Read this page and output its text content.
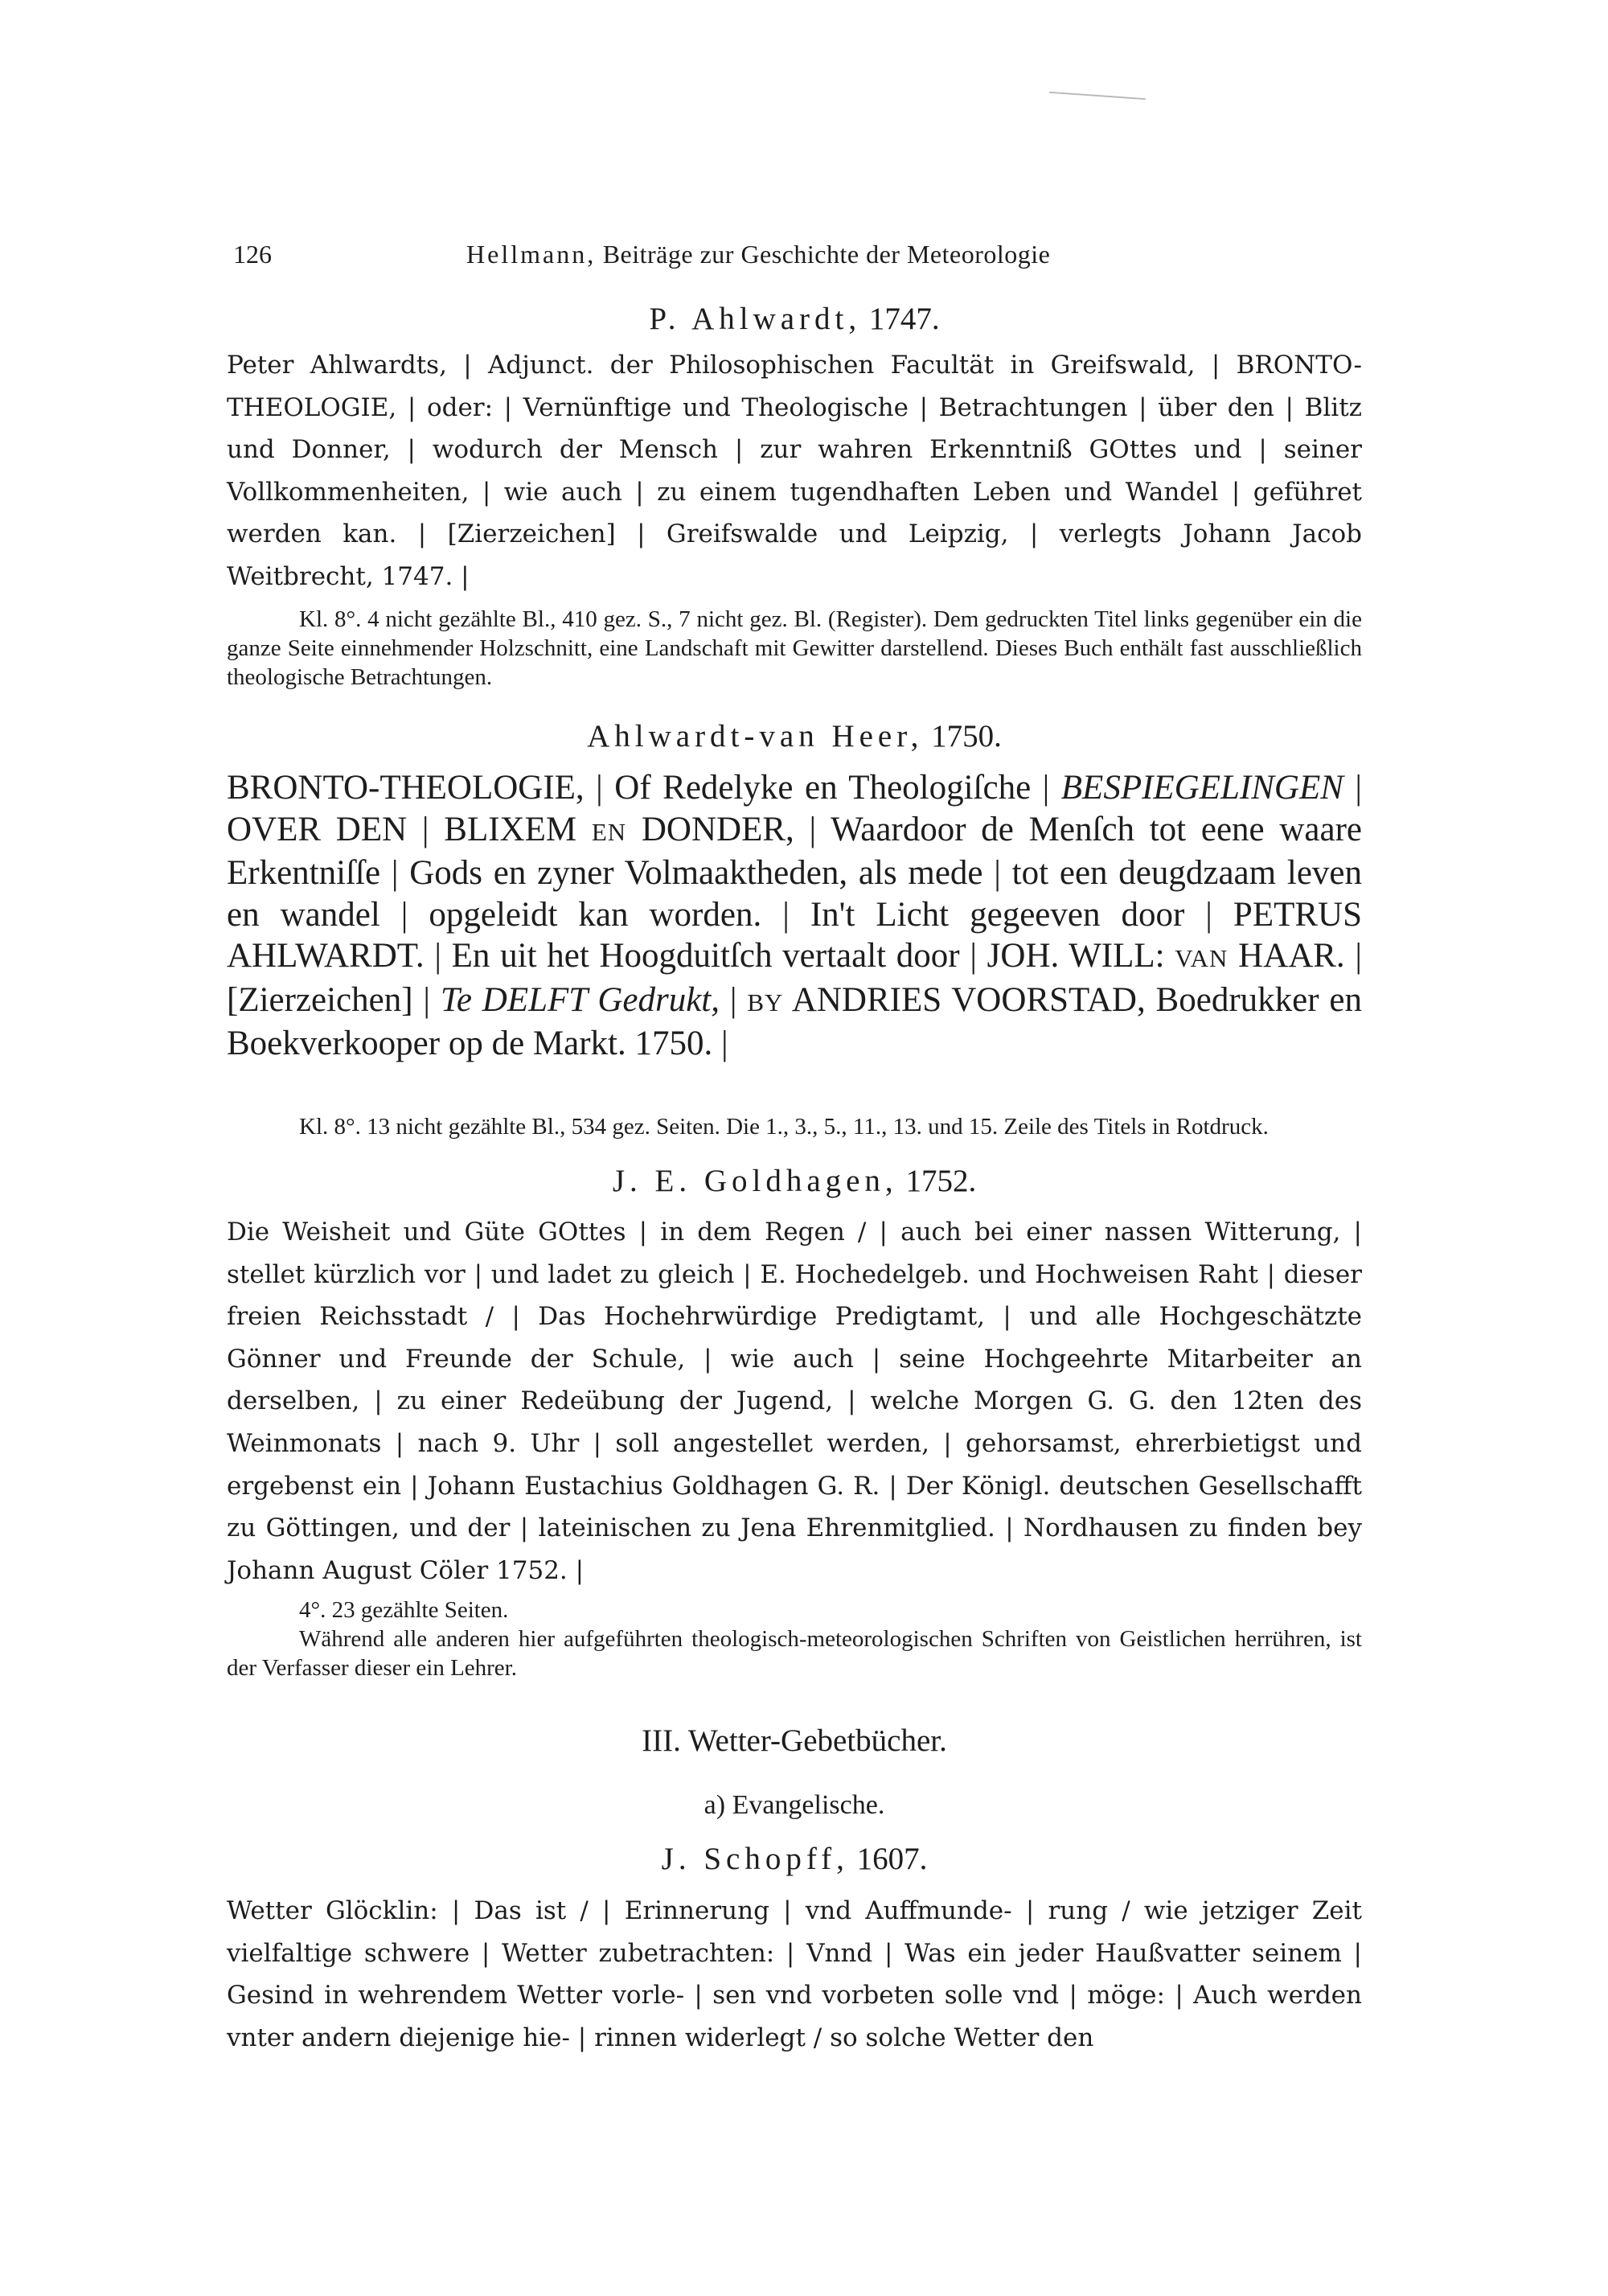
126	Hellmann, Beiträge zur Geschichte der Meteorologie
P. Ahlwardt, 1747.

Peter Ahlwardts, | Adjunct. der Philosophischen Facultät in Greifswald, | BRONTO-THEOLOGIE, | oder: | Vernünftige und Theologische | Betrachtungen | über den | Blitz und Donner, | wodurch der Mensch | zur wahren Erkenntniß GOttes und | seiner Vollkommenheiten, | wie auch | zu einem tugendhaften Leben und Wandel | geführet werden kan. | [Zierzeichen] | Greifswalde und Leipzig, | verlegts Johann Jacob Weitbrecht, 1747. |

Kl. 8°. 4 nicht gezählte Bl., 410 gez. S., 7 nicht gez. Bl. (Register). Dem gedruckten Titel links gegenüber ein die ganze Seite einnehmender Holzschnitt, eine Landschaft mit Gewitter darstellend. Dieses Buch enthält fast ausschließlich theologische Betrachtungen.

Ahlwardt-van Heer, 1750.

BRONTO-THEOLOGIE, | Of Redelyke en Theologiſche | BESPIEGELINGEN | OVER DEN | BLIXEM EN DONDER, | Waardoor de Menſch tot eene waare Erkentniſſe | Gods en zyner Volmaaktheden, als mede | tot een deugdzaam leven en wandel | opgeleidt kan worden. | In't Licht gegeeven door | PETRUS AHLWARDT. | En uit het Hoogduitſch vertaalt door | JOH. WILL: VAN HAAR. | [Zierzeichen] | Te DELFT Gedrukt, | BY ANDRIES VOORSTAD, Boedrukker en Boekverkooper op de Markt. 1750. |

Kl. 8°. 13 nicht gezählte Bl., 534 gez. Seiten. Die 1., 3., 5., 11., 13. und 15. Zeile des Titels in Rotdruck.

J. E. Goldhagen, 1752.

Die Weisheit und Güte GOttes | in dem Regen / | auch bei einer nassen Witterung, | stellet kürzlich vor | und ladet zu gleich | E. Hochedelgeb. und Hochweisen Raht | dieser freien Reichsstadt / | Das Hochehrwürdige Predigtamt, | und alle Hochgeschätzte Gönner und Freunde der Schule, | wie auch | seine Hochgeehrte Mitarbeiter an derselben, | zu einer Redeübung der Jugend, | welche Morgen G. G. den 12ten des Weinmonats | nach 9. Uhr | soll angestellet werden, | gehorsamst, ehrerbietigst und ergebenst ein | Johann Eustachius Goldhagen G. R. | Der Königl. deutschen Gesellschafft zu Göttingen, und der | lateinischen zu Jena Ehrenmitglied. | Nordhausen zu finden bey Johann August Cöler 1752. |

4°. 23 gezählte Seiten.

Während alle anderen hier aufgeführten theologisch-meteorologischen Schriften von Geistlichen herrühren, ist der Verfasser dieser ein Lehrer.

III. Wetter-Gebetbücher.
a) Evangelische.
J. Schopff, 1607.

Wetter Glöcklin: | Das ist / | Erinnerung | vnd Auffmunde- | rung / wie jetziger Zeit vielfaltige schwere | Wetter zubetrachten: | Vnnd | Was ein jeder Haußvatter seinem | Gesind in wehrendem Wetter vorle- | sen vnd vorbeten solle vnd | möge: | Auch werden vnter andern diejenige hie- | rinnen widerlegt / so solche Wetter den
